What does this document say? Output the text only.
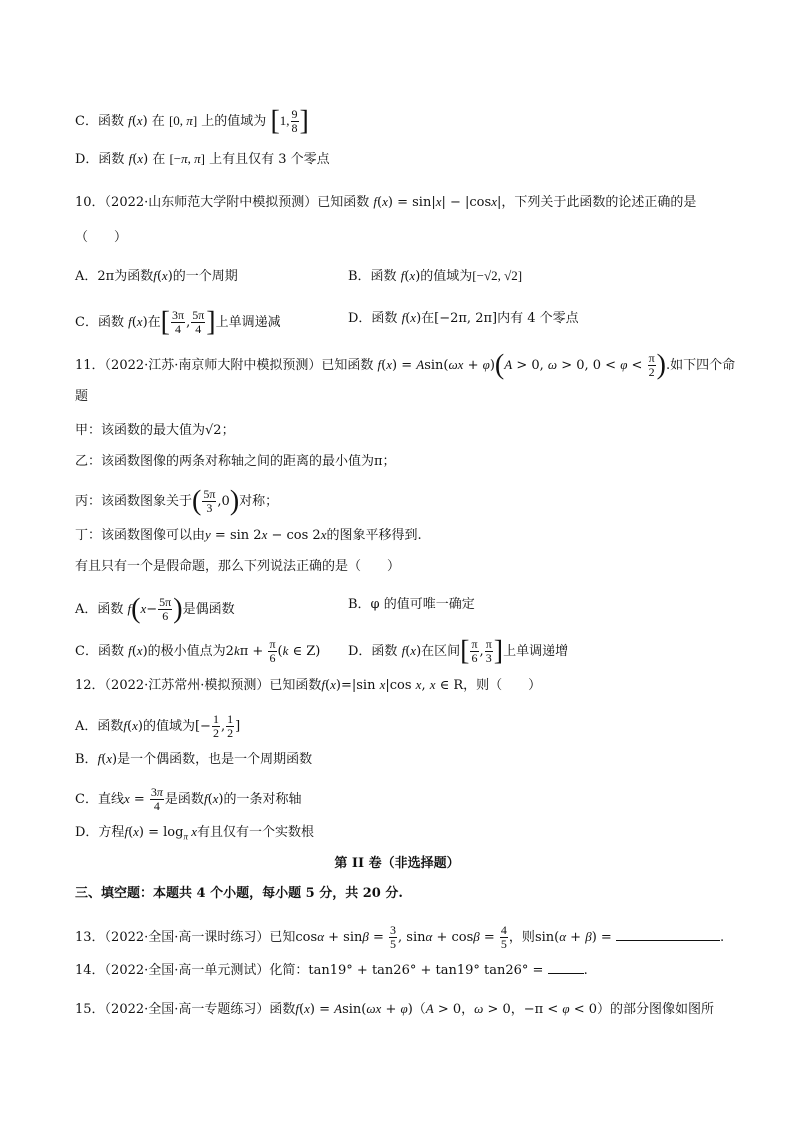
C．函数 f(x) 在 [0, π] 上的值域为 [1, $\frac{9}{8}$ ]
D．函数 f(x) 在 [−π, π] 上有且仅有 3 个零点
10．（2022·山东师范大学附中模拟预测）已知函数 f(x) = sin|x| − |cosx|，下列关于此函数的论述正确的是
（　　）
A．2π为函数f(x)的一个周期	B．函数 f(x)的值域为[−√2, √2]
C．函数 f(x)在[ $\frac{3\pi}{4}$ , $\frac{5\pi}{4}$ ]上单调递减	D．函数 f(x)在[−2π, 2π]内有 4 个零点
11．（2022·江苏·南京师大附中模拟预测）已知函数 f(x) = Asin(ωx + φ)(A > 0, ω > 0, $0 < \varphi < \frac{\pi}{2}$ ).如下四个命
题
甲：该函数的最大值为√2；
乙：该函数图像的两条对称轴之间的距离的最小值为π；
丙：该函数图象关于( $\frac{5\pi}{3} ,0$)对称；
丁：该函数图像可以由y = sin 2x − cos 2x的图象平移得到.
有且只有一个是假命题，那么下列说法正确的是（　　）
A．函数 $f(x- \frac{5\pi}{6}$ )是偶函数	B．φ 的值可唯一确定
C．函数 f(x)的极小值点为$2k\pi + \frac{\pi}{6} (k$ ∈ Z) D．函数 f(x)在区间[ $\frac{\pi}{6}$ , $\frac{\pi}{3}$ ]上单调递增
12．（2022·江苏常州·模拟预测）已知函数f(x)=|sin x|cos x, x ∈ R，则（　　）
A．函数f(x)的值域为[− $\frac{1}{2}$ , $\frac{1}{2}$ ]
B．f(x)是一个偶函数，也是一个周期函数
C．直线$x = \frac{3\pi}{4}$ 是函数f(x)的一条对称轴
D．方程$f(x) = \log_\pi x$有且仅有一个实数根
第 II 卷（非选择题）
三、填空题：本题共 4 个小题，每小题 5 分，共 20 分.
13．（2022·全国·高一课时练习）已知$\cos\alpha + \sin\beta = \frac{3}{5}$ , $\sin\alpha + \cos\beta = \frac{4}{5}$ ，则sin(α + β) =	.
14．（2022·全国·高一单元测试）化简：tan19° + tan26° + tan19° tan26° =	.
15．（2022·全国·高一专题练习）函数f(x) = Asin(ωx + φ)（A > 0，ω > 0，−π < φ < 0）的部分图像如图所
